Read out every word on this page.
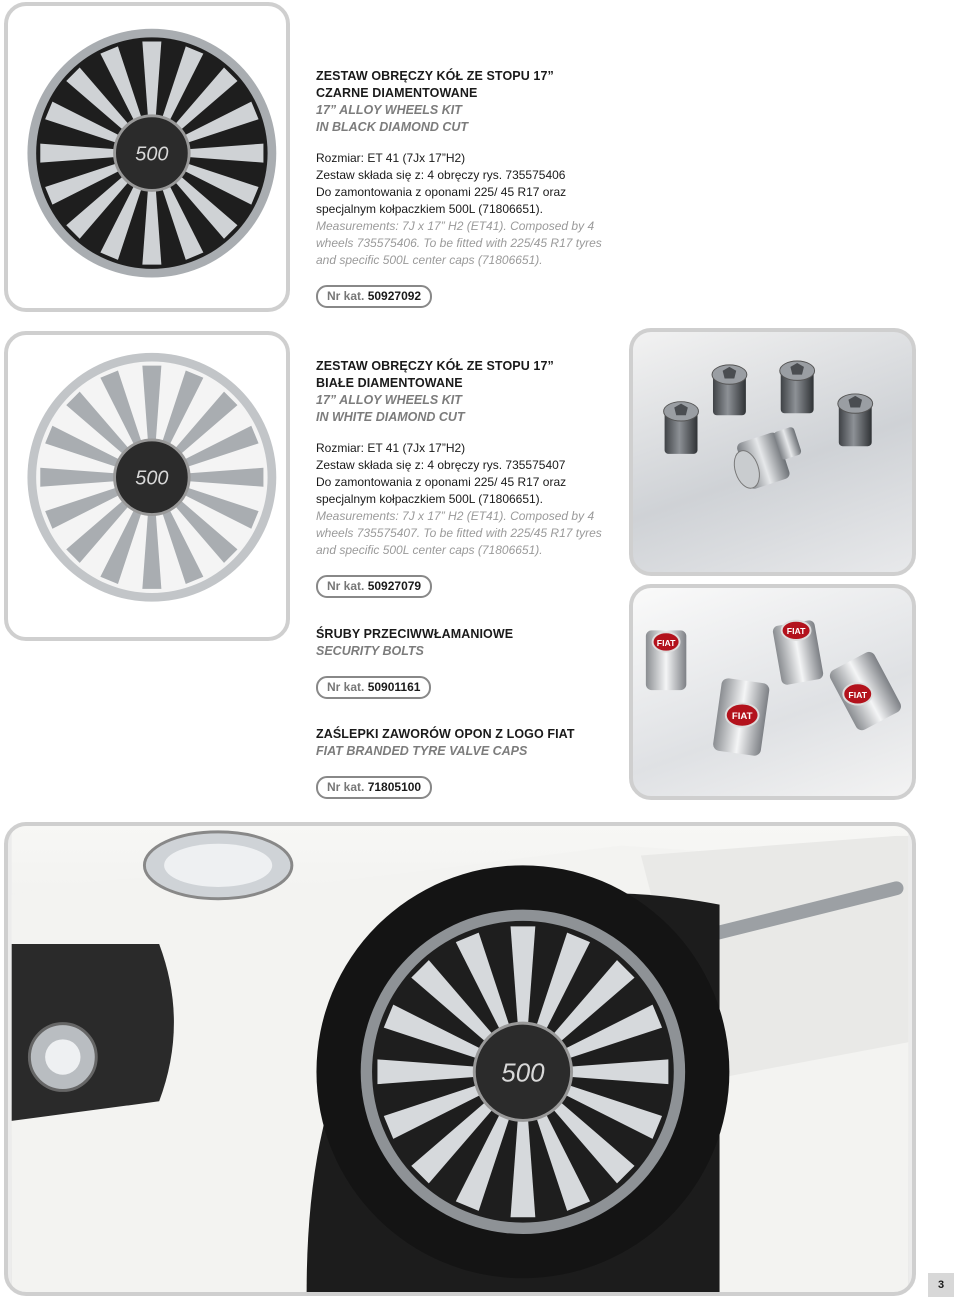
500

ZESTAW OBRĘCZY KÓŁ ZE STOPU 17”

CZARNE DIAMENTOWANE

17” ALLOY WHEELS KIT

IN BLACK DIAMOND CUT

Rozmiar: ET 41 (7Jx 17”H2)

Zestaw składa się z: 4 obręczy rys. 735575406

Do zamontowania z oponami 225/ 45 R17 oraz

specjalnym kołpaczkiem 500L (71806651).

Measurements: 7J x 17” H2 (ET41). Composed by 4

wheels 735575406. To be fitted with 225/45 R17 tyres

and specific 500L center caps (71806651).

Nr kat. 50927092
500

ZESTAW OBRĘCZY KÓŁ ZE STOPU 17”

BIAŁE DIAMENTOWANE

17” ALLOY WHEELS KIT

IN WHITE DIAMOND CUT

Rozmiar: ET 41 (7Jx 17”H2)

Zestaw składa się z: 4 obręczy rys. 735575407

Do zamontowania z oponami 225/ 45 R17 oraz

specjalnym kołpaczkiem 500L (71806651).

Measurements: 7J x 17” H2 (ET41). Composed by 4

wheels 735575407. To be fitted with 225/45 R17 tyres

and specific 500L center caps (71806651).

Nr kat. 50927079

ŚRUBY PRZECIWWŁAMANIOWE

SECURITY BOLTS

Nr kat. 50901161
FIAT
FIAT
FIAT
FIAT

ZAŚLEPKI ZAWORÓW OPON Z LOGO FIAT

FIAT BRANDED TYRE VALVE CAPS

Nr kat. 71805100
500
3
